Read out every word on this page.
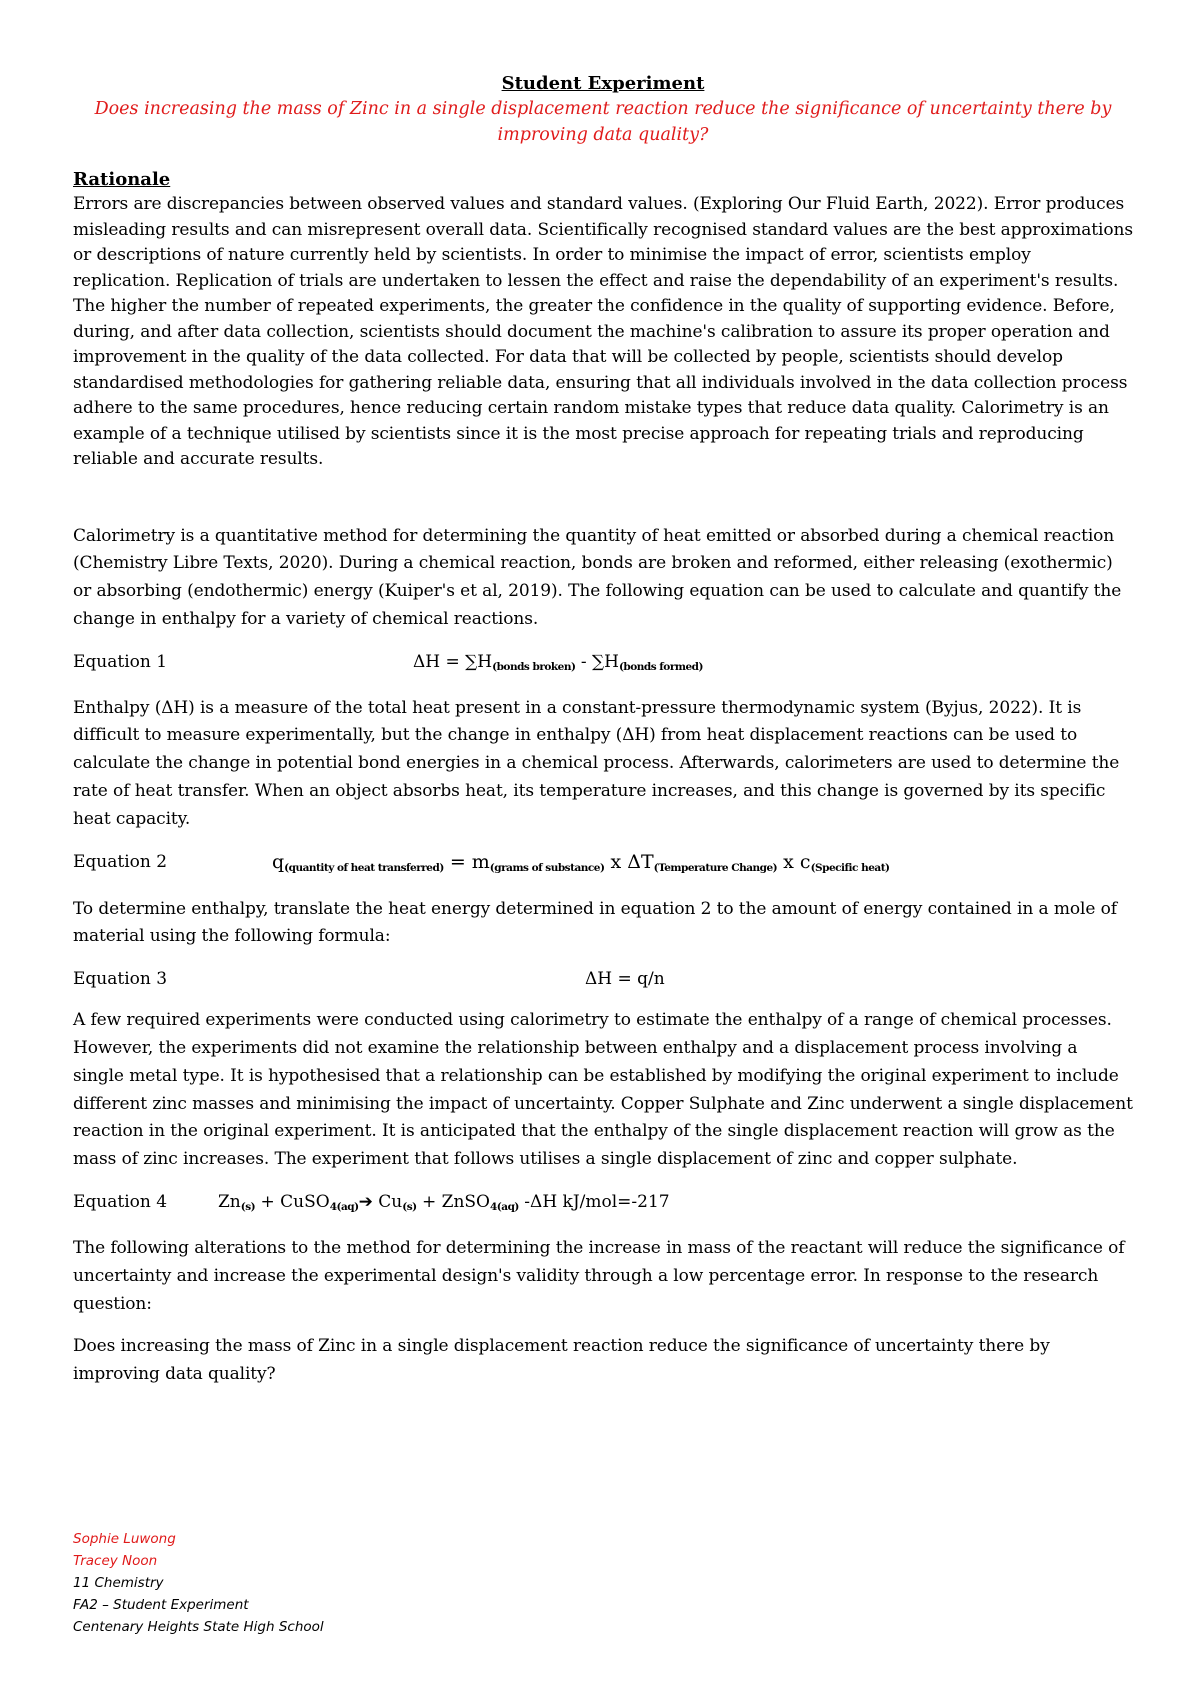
Student Experiment

Does increasing the mass of Zinc in a single displacement reaction reduce the significance of uncertainty there by improving data quality?

Rationale

Errors are discrepancies between observed values and standard values. (Exploring Our Fluid Earth, 2022). Error produces misleading results and can misrepresent overall data. Scientifically recognised standard values are the best approximations or descriptions of nature currently held by scientists. In order to minimise the impact of error, scientists employ replication. Replication of trials are undertaken to lessen the effect and raise the dependability of an experiment's results. The higher the number of repeated experiments, the greater the confidence in the quality of supporting evidence. Before, during, and after data collection, scientists should document the machine's calibration to assure its proper operation and improvement in the quality of the data collected. For data that will be collected by people, scientists should develop standardised methodologies for gathering reliable data, ensuring that all individuals involved in the data collection process adhere to the same procedures, hence reducing certain random mistake types that reduce data quality. Calorimetry is an example of a technique utilised by scientists since it is the most precise approach for repeating trials and reproducing reliable and accurate results.

Calorimetry is a quantitative method for determining the quantity of heat emitted or absorbed during a chemical reaction (Chemistry Libre Texts, 2020). During a chemical reaction, bonds are broken and reformed, either releasing (exothermic) or absorbing (endothermic) energy (Kuiper's et al, 2019). The following equation can be used to calculate and quantify the change in enthalpy for a variety of chemical reactions.

Equation 1	$\Delta H = \sum H_{(bonds broken)} - \sum H_{(bonds formed)}$

Enthalpy (ΔH) is a measure of the total heat present in a constant-pressure thermodynamic system (Byjus, 2022). It is difficult to measure experimentally, but the change in enthalpy (ΔH) from heat displacement reactions can be used to calculate the change in potential bond energies in a chemical process. Afterwards, calorimeters are used to determine the rate of heat transfer. When an object absorbs heat, its temperature increases, and this change is governed by its specific heat capacity.

Equation 2	$q_{(quantity of heat transferred)} = m_{(grams of substance)}$ x $\Delta T_{(Temperature Change)}$ x $c_{(Specific heat)}$

To determine enthalpy, translate the heat energy determined in equation 2 to the amount of energy contained in a mole of material using the following formula:

Equation 3	ΔH = q/n

A few required experiments were conducted using calorimetry to estimate the enthalpy of a range of chemical processes. However, the experiments did not examine the relationship between enthalpy and a displacement process involving a single metal type. It is hypothesised that a relationship can be established by modifying the original experiment to include different zinc masses and minimising the impact of uncertainty. Copper Sulphate and Zinc underwent a single displacement reaction in the original experiment. It is anticipated that the enthalpy of the single displacement reaction will grow as the mass of zinc increases. The experiment that follows utilises a single displacement of zinc and copper sulphate.

Equation 4	$Zn_{(s)}$ + CuSO$_{4(aq)}$➔ $Cu_{(s)}$ + ZnSO$_{4(aq)}$ -ΔH kJ/mol=-217

The following alterations to the method for determining the increase in mass of the reactant will reduce the significance of uncertainty and increase the experimental design's validity through a low percentage error. In response to the research question:

Does increasing the mass of Zinc in a single displacement reaction reduce the significance of uncertainty there by improving data quality?

Sophie Luwong
Tracey Noon
11 Chemistry
FA2 – Student Experiment
Centenary Heights State High School
